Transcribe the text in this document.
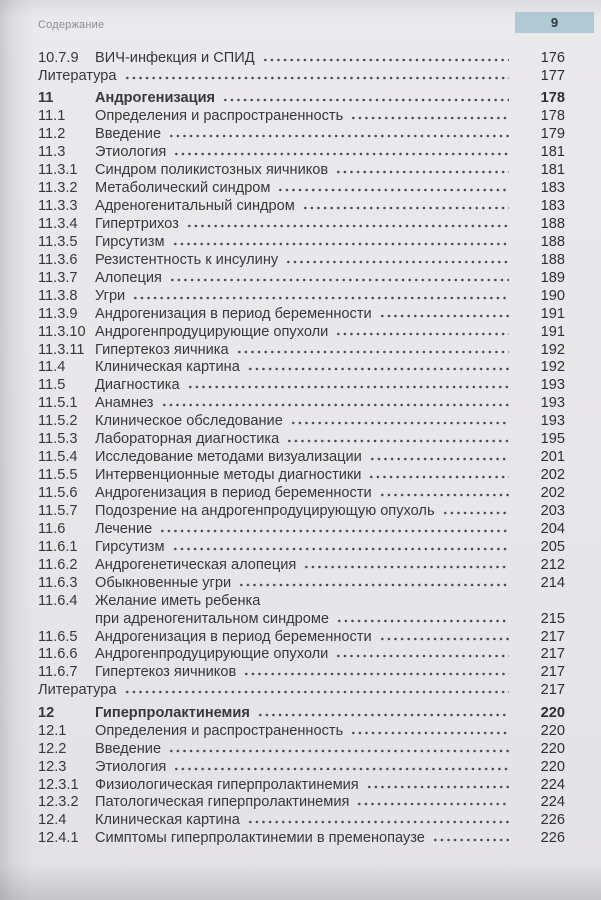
Содержание	9
10.7.9	ВИЧ-инфекция и СПИД	176
Литература	177
11	Андрогенизация	178
11.1	Определения и распространенность	178
11.2	Введение	179
11.3	Этиология	181
11.3.1	Синдром поликистозных яичников	181
11.3.2	Метаболический синдром	183
11.3.3	Адреногенитальный синдром	183
11.3.4	Гипертрихоз	188
11.3.5	Гирсутизм	188
11.3.6	Резистентность к инсулину	188
11.3.7	Алопеция	189
11.3.8	Угри	190
11.3.9	Андрогенизация в период беременности	191
11.3.10 Андрогенпродуцирующие опухоли	191
11.3.11 Гипертекоз яичника	192
11.4	Клиническая картина	192
11.5	Диагностика	193
11.5.1	Анамнез	193
11.5.2	Клиническое обследование	193
11.5.3	Лабораторная диагностика	195
11.5.4	Исследование методами визуализации	201
11.5.5	Интервенционные методы диагностики	202
11.5.6	Андрогенизация в период беременности	202
11.5.7	Подозрение на андрогенпродуцирующую опухоль	203
11.6	Лечение	204
11.6.1	Гирсутизм	205
11.6.2	Андрогенетическая алопеция	212
11.6.3	Обыкновенные угри	214
11.6.4	Желание иметь ребенка
при адреногенитальном синдроме	215
11.6.5	Андрогенизация в период беременности	217
11.6.6	Андрогенпродуцирующие опухоли	217
11.6.7	Гипертекоз яичников	217
Литература	217
12	Гиперпролактинемия	220
12.1	Определения и распространенность	220
12.2	Введение	220
12.3	Этиология	220
12.3.1	Физиологическая гиперпролактинемия	224
12.3.2	Патологическая гиперпролактинемия	224
12.4	Клиническая картина	226
12.4.1	Симптомы гиперпролактинемии в пременопаузе	226
